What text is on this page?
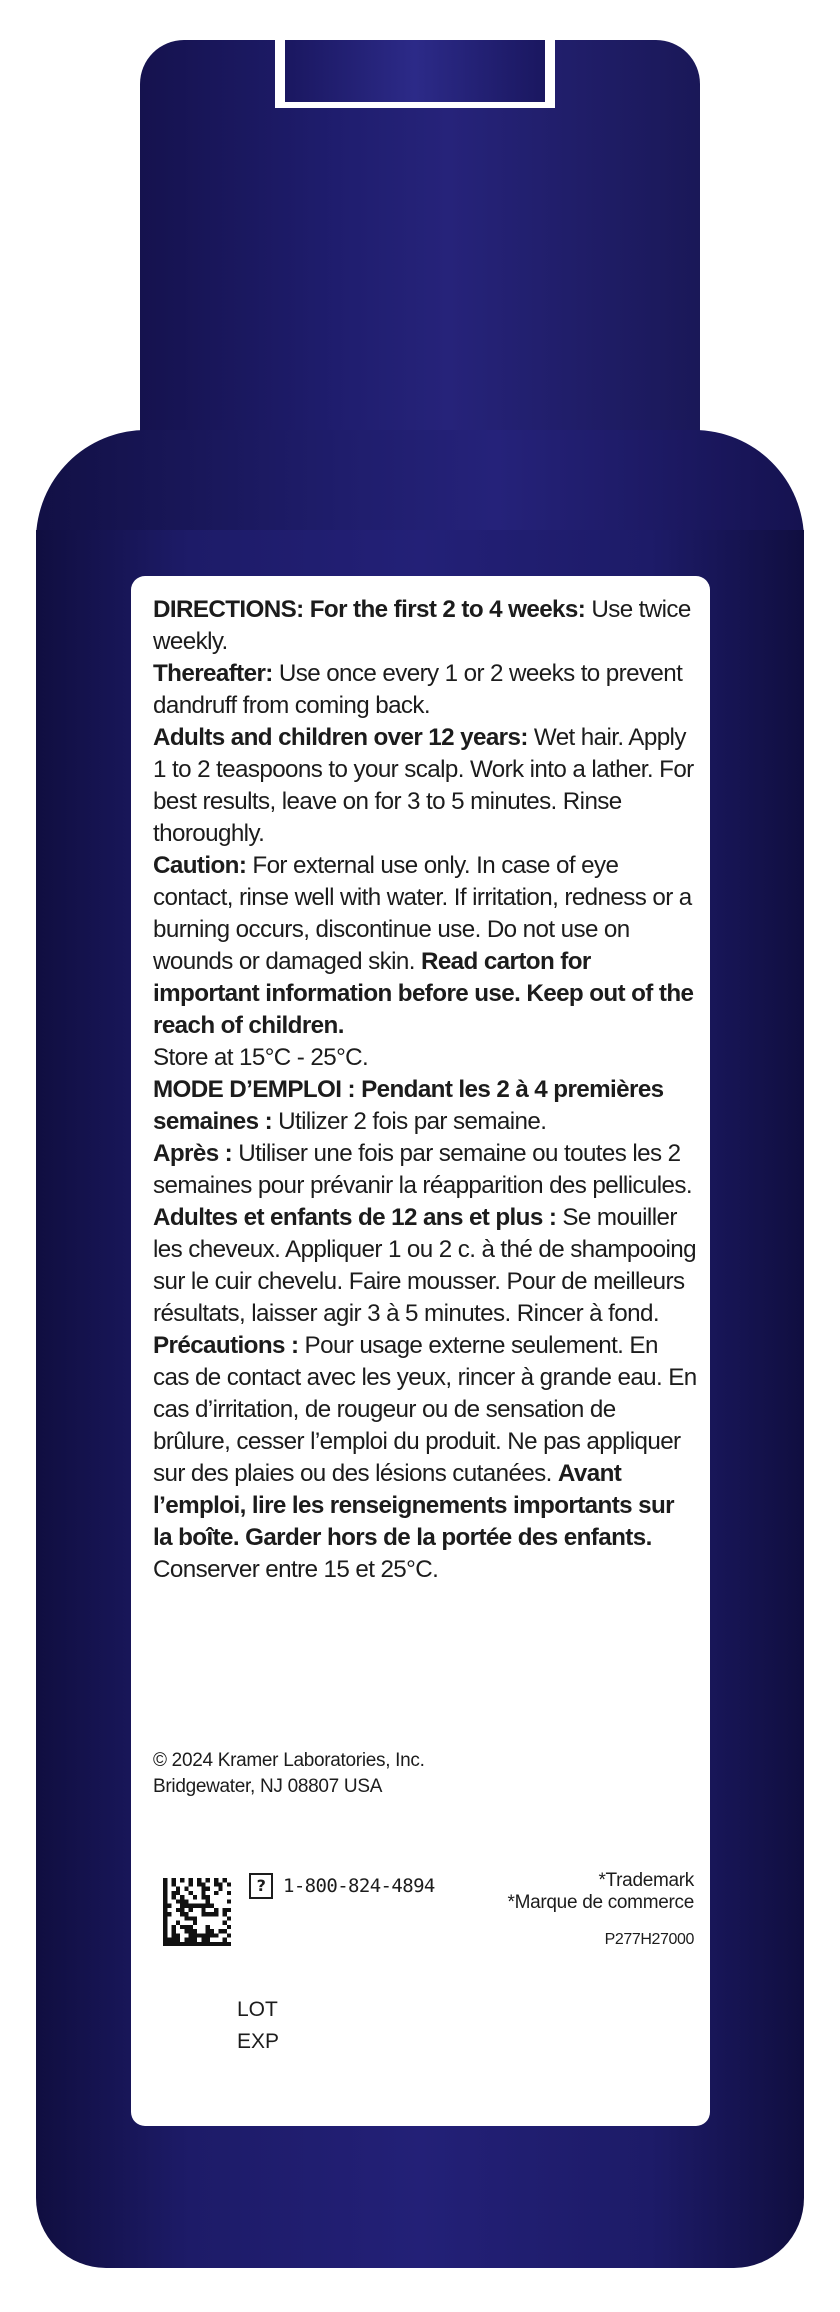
DIRECTIONS: For the first 2 to 4 weeks: Use twice weekly.

Thereafter: Use once every 1 or 2 weeks to prevent dandruff from coming back.

Adults and children over 12 years: Wet hair. Apply 1 to 2 teaspoons to your scalp. Work into a lather. For best results, leave on for 3 to 5 minutes. Rinse thoroughly.

Caution: For external use only. In case of eye contact, rinse well with water. If irritation, redness or a burning occurs, discontinue use. Do not use on wounds or damaged skin. Read carton for important information before use. Keep out of the reach of children.

Store at 15°C - 25°C.

MODE D’EMPLOI : Pendant les 2 à 4 premières semaines : Utilizer 2 fois par semaine.

Après : Utiliser une fois par semaine ou toutes les 2 semaines pour prévanir la réapparition des pellicules.

Adultes et enfants de 12 ans et plus : Se mouiller les cheveux. Appliquer 1 ou 2 c. à thé de shampooing sur le cuir chevelu. Faire mousser. Pour de meilleurs résultats, laisser agir 3 à 5 minutes. Rincer à fond.

Précautions : Pour usage externe seulement. En cas de contact avec les yeux, rincer à grande eau. En cas d’irritation, de rougeur ou de sensation de brûlure, cesser l’emploi du produit. Ne pas appliquer sur des plaies ou des lésions cutanées. Avant l’emploi, lire les renseignements importants sur la boîte. Garder hors de la portée des enfants.

Conserver entre 15 et 25°C.

© 2024 Kramer Laboratories, Inc.
Bridgewater, NJ 08807 USA
? 1-800-824-4894	*Trademark
*Marque de commerce
P277H27000
LOT
EXP
